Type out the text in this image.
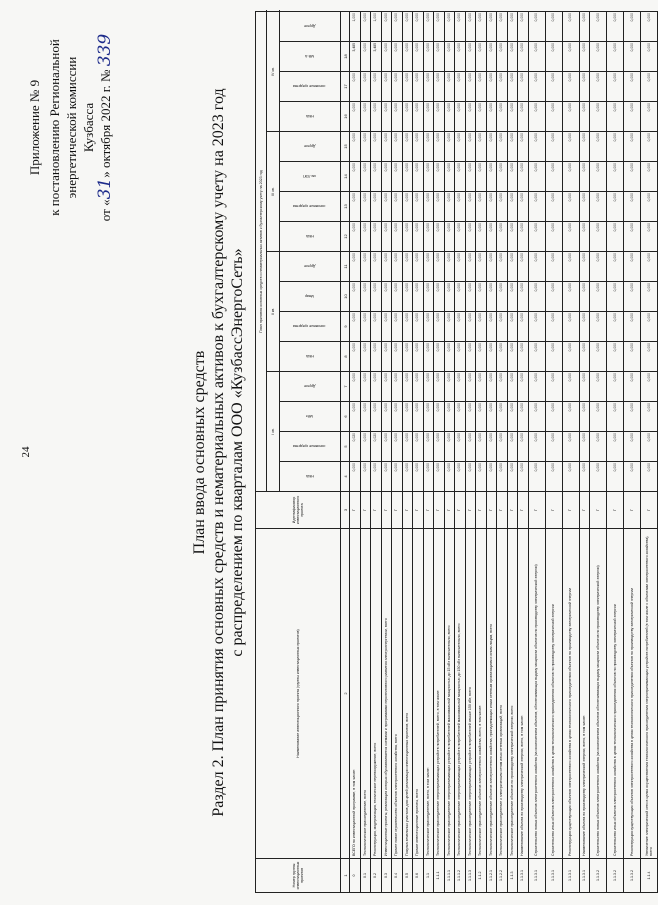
24
Приложение № 9 к постановлению Региональной энергетической комиссии Кузбасса
от «31» октября 2022 г. № 339
План ввода основных средств Раздел 2. План принятия основных средств и нематериальных активов к бухгалтерскому учету на 2023 год с распределением по кварталам ООО «КузбассЭнергоСеть»
Номер группы инвестиционных проектов	Наименование инвестиционного проекта (группы инвестиционных проектов)	Идентификатор инвестиционного проекта	План принятия основных средств и нематериальных активов к бухгалтерскому учету на 2023 год																
			I кв.				II кв.				III кв.				IV кв.	
			НМА	основные средства	МВт	Другое	НМА	основные средства	Мвар	Другое	НМА	основные средства	км ЛЭП	Другое	НМА	основные средства	МВ·А	Другое	
1	2	3	4	5	6	7	8	9	10	11	12	13	14	15	16	17	18		
0	ВСЕГО по инвестиционной программе, в том числе:	Г	0,000	0,020	0,000	0,000	0,000	0,000	0,000	0,000	0,000	0,000	0,000	0,000	0,000	0,000	3,485	1,000	
0.1	Технологическое присоединение, всего	Г	0,000	0,000	0,000	0,000	0,000	0,000	0,000	0,000	0,000	0,000	0,000	0,000	0,000	0,000	0,000	0,000	
0.2	Реконструкция, модернизация, техническое перевооружение, всего	Г	0,000	0,020	0,000	0,000	0,000	0,000	0,000	0,000	0,000	0,000	0,000	0,000	0,000	0,000	3,485	1,000	
0.3	Инвестиционные проекты, реализация которых обуславливается схемами и программами перспективного развития электроэнергетики, всего	Г	0,000	0,000	0,000	0,000	0,000	0,000	0,000	0,000	0,000	0,000	0,000	0,000	0,000	0,000	0,000	0,000	
0.4	Прочее новое строительство объектов электросетевого хозяйства, всего	Г	0,000	0,000	0,000	0,000	0,000	0,000	0,000	0,000	0,000	0,000	0,000	0,000	0,000	0,000	0,000	0,000	
0.5	Покупка земельных участков для целей реализации инвестиционных проектов, всего	Г	0,000	0,000	0,000	0,000	0,000	0,000	0,000	0,000	0,000	0,000	0,000	0,000	0,000	0,000	0,000	0,000	
0.6	Прочие инвестиционные проекты, всего	Г	0,000	0,000	0,000	0,000	0,000	0,000	0,000	0,000	0,000	0,000	0,000	0,000	0,000	0,000	0,000	0,000	
1.1	Технологическое присоединение, всего, в том числе:	Г	0,000	0,000	0,000	0,000	0,000	0,000	0,000	0,000	0,000	0,000	0,000	0,000	0,000	0,000	0,000	0,000	
1.1.1	Технологическое присоединение энергопринимающих устройств потребителей, всего, в том числе:	Г	0,000	0,000	0,000	0,000	0,000	0,000	0,000	0,000	0,000	0,000	0,000	0,000	0,000	0,000	0,000	0,000	
1.1.1.1	Технологическое присоединение энергопринимающих устройств потребителей максимальной мощностью до 15 кВт включительно, всего	Г	0,000	0,000	0,000	0,000	0,000	0,000	0,000	0,000	0,000	0,000	0,000	0,000	0,000	0,000	0,000	0,000	
1.1.1.2	Технологическое присоединение энергопринимающих устройств потребителей максимальной мощностью до 150 кВт включительно, всего	Г	0,000	0,000	0,000	0,000	0,000	0,000	0,000	0,000	0,000	0,000	0,000	0,000	0,000	0,000	0,000	0,000	
1.1.1.3	Технологическое присоединение энергопринимающих устройств потребителей свыше 150 кВт, всего	Г	0,000	0,000	0,000	0,000	0,000	0,000	0,000	0,000	0,000	0,000	0,000	0,000	0,000	0,000	0,000	0,000	
1.1.2	Технологическое присоединение объектов электросетевого хозяйства, всего, в том числе:	Г	0,000	0,000	0,000	0,000	0,000	0,000	0,000	0,000	0,000	0,000	0,000	0,000	0,000	0,000	0,000	0,000	
1.1.2.1	Технологическое присоединение объектов электросетевого хозяйства, принадлежащих иным сетевым организациям и иным лицам, всего	Г	0,000	0,000	0,000	0,000	0,000	0,000	0,000	0,000	0,000	0,000	0,000	0,000	0,000	0,000	0,000	0,000	
1.1.2.2	Технологическое присоединение к электрическим сетям иных сетевых организаций, всего	Г	0,000	0,000	0,000	0,000	0,000	0,000	0,000	0,000	0,000	0,000	0,000	0,000	0,000	0,000	0,000	0,000	
1.1.3	Технологическое присоединение объектов по производству электрической энергии, всего	Г	0,000	0,000	0,000	0,000	0,000	0,000	0,000	0,000	0,000	0,000	0,000	0,000	0,000	0,000	0,000	0,000	
1.1.3.1	Наименование объекта по производству электрической энергии, всего, в том числе:	Г	0,000	0,000	0,000	0,000	0,000	0,000	0,000	0,000	0,000	0,000	0,000	0,000	0,000	0,000	0,000	0,000	
1.1.3.1	Строительство новых объектов электросетевого хозяйства (за исключением объектов, обеспечивающих выдачу мощности объектов по производству электрической энергии)	Г	0,000	0,000	0,000	0,000	0,000	0,000	0,000	0,000	0,000	0,000	0,000	0,000	0,000	0,000	0,000	0,000	
1.1.3.1	Строительство иных объектов электросетевого хозяйства в целях технологического присоединения объектов по производству электрической энергии	Г	0,000	0,000	0,000	0,000	0,000	0,000	0,000	0,000	0,000	0,000	0,000	0,000	0,000	0,000	0,000	0,000	
1.1.3.1	Реконструкция существующих объектов электросетевого хозяйства в целях технологического присоединения объектов по производству электрической энергии	Г	0,000	0,000	0,000	0,000	0,000	0,000	0,000	0,000	0,000	0,000	0,000	0,000	0,000	0,000	0,000	0,000	
1.1.3.1	Наименование объекта по производству электрической энергии, всего, в том числе:	Г	0,000	0,000	0,000	0,000	0,000	0,000	0,000	0,000	0,000	0,000	0,000	0,000	0,000	0,000	0,000	0,000	
1.1.3.2	Строительство новых объектов электросетевого хозяйства (за исключением объектов обеспечивающих выдачу мощности объектов по производству электрической энергии)	Г	0,000	0,000	0,000	0,000	0,000	0,000	0,000	0,000	0,000	0,000	0,000	0,000	0,000	0,000	0,000	0,000	
1.1.3.2	Строительство иных объектов электросетевого хозяйства в целях технологического присоединения объектов по производству электрической энергии	Г	0,000	0,000	0,000	0,000	0,000	0,000	0,000	0,000	0,000	0,000	0,000	0,000	0,000	0,000	0,000	0,000	
1.1.3.2	Реконструкция существующих объектов электросетевого хозяйства в целях технологического присоединения объектов по производству электрической энергии	Г	0,000	0,000	0,000	0,000	0,000	0,000	0,000	0,000	0,000	0,000	0,000	0,000	0,000	0,000	0,000	0,000	
1.1.4	Увеличение электрической сети в целях осуществления технологического присоединения энергопринимающих устройств потребителей (в том числе с объектами электросетевого хозяйства), всего	Г	0,000	0,000	0,000	0,000	0,000	0,000	0,000	0,000	0,000	0,000	0,000	0,000	0,000	0,000	0,000	0,000	
